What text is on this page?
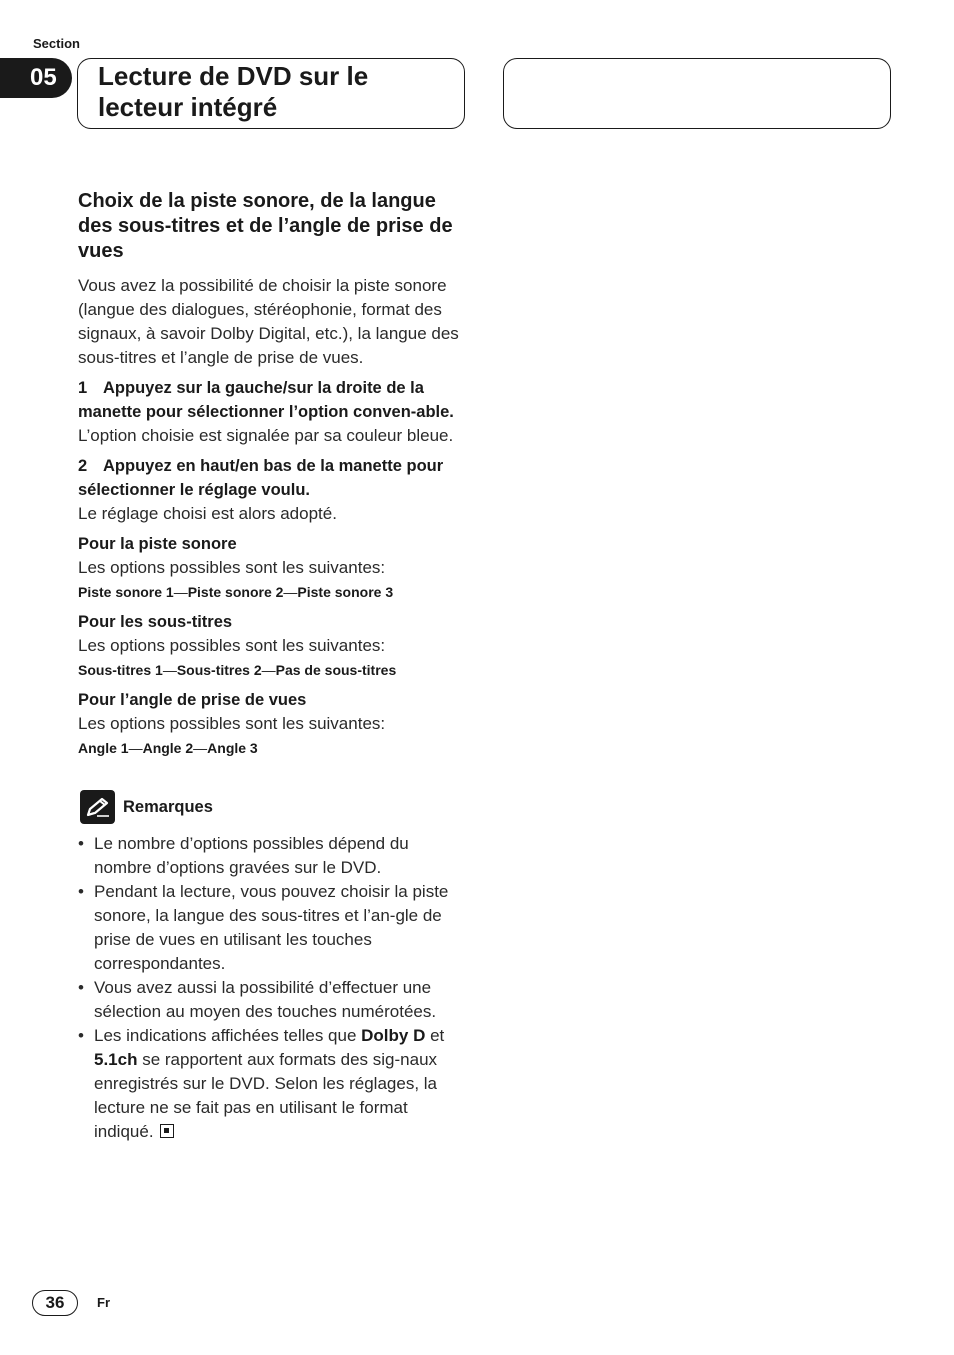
Section
05	Lecture de DVD sur le lecteur intégré
Choix de la piste sonore, de la langue des sous-titres et de l’angle de prise de vues

Vous avez la possibilité de choisir la piste sonore (langue des dialogues, stéréophonie, format des signaux, à savoir Dolby Digital, etc.), la langue des sous-titres et l’angle de prise de vues.

1 Appuyez sur la gauche/sur la droite de la manette pour sélectionner l’option conven-able.

L’option choisie est signalée par sa couleur bleue.

2 Appuyez en haut/en bas de la manette pour sélectionner le réglage voulu.

Le réglage choisi est alors adopté.

Pour la piste sonore

Les options possibles sont les suivantes:

Piste sonore 1—Piste sonore 2—Piste sonore 3

Pour les sous-titres

Les options possibles sont les suivantes:

Sous-titres 1—Sous-titres 2—Pas de sous-titres

Pour l’angle de prise de vues

Les options possibles sont les suivantes:

Angle 1—Angle 2—Angle 3

Remarques
• Le nombre d’options possibles dépend du nombre d’options gravées sur le DVD.
• Pendant la lecture, vous pouvez choisir la piste sonore, la langue des sous-titres et l’an-gle de prise de vues en utilisant les touches correspondantes.
• Vous avez aussi la possibilité d’effectuer une sélection au moyen des touches numérotées.
• Les indications affichées telles que Dolby D et 5.1ch se rapportent aux formats des sig-naux enregistrés sur le DVD. Selon les réglages, la lecture ne se fait pas en utilisant le format indiqué.
36	Fr
